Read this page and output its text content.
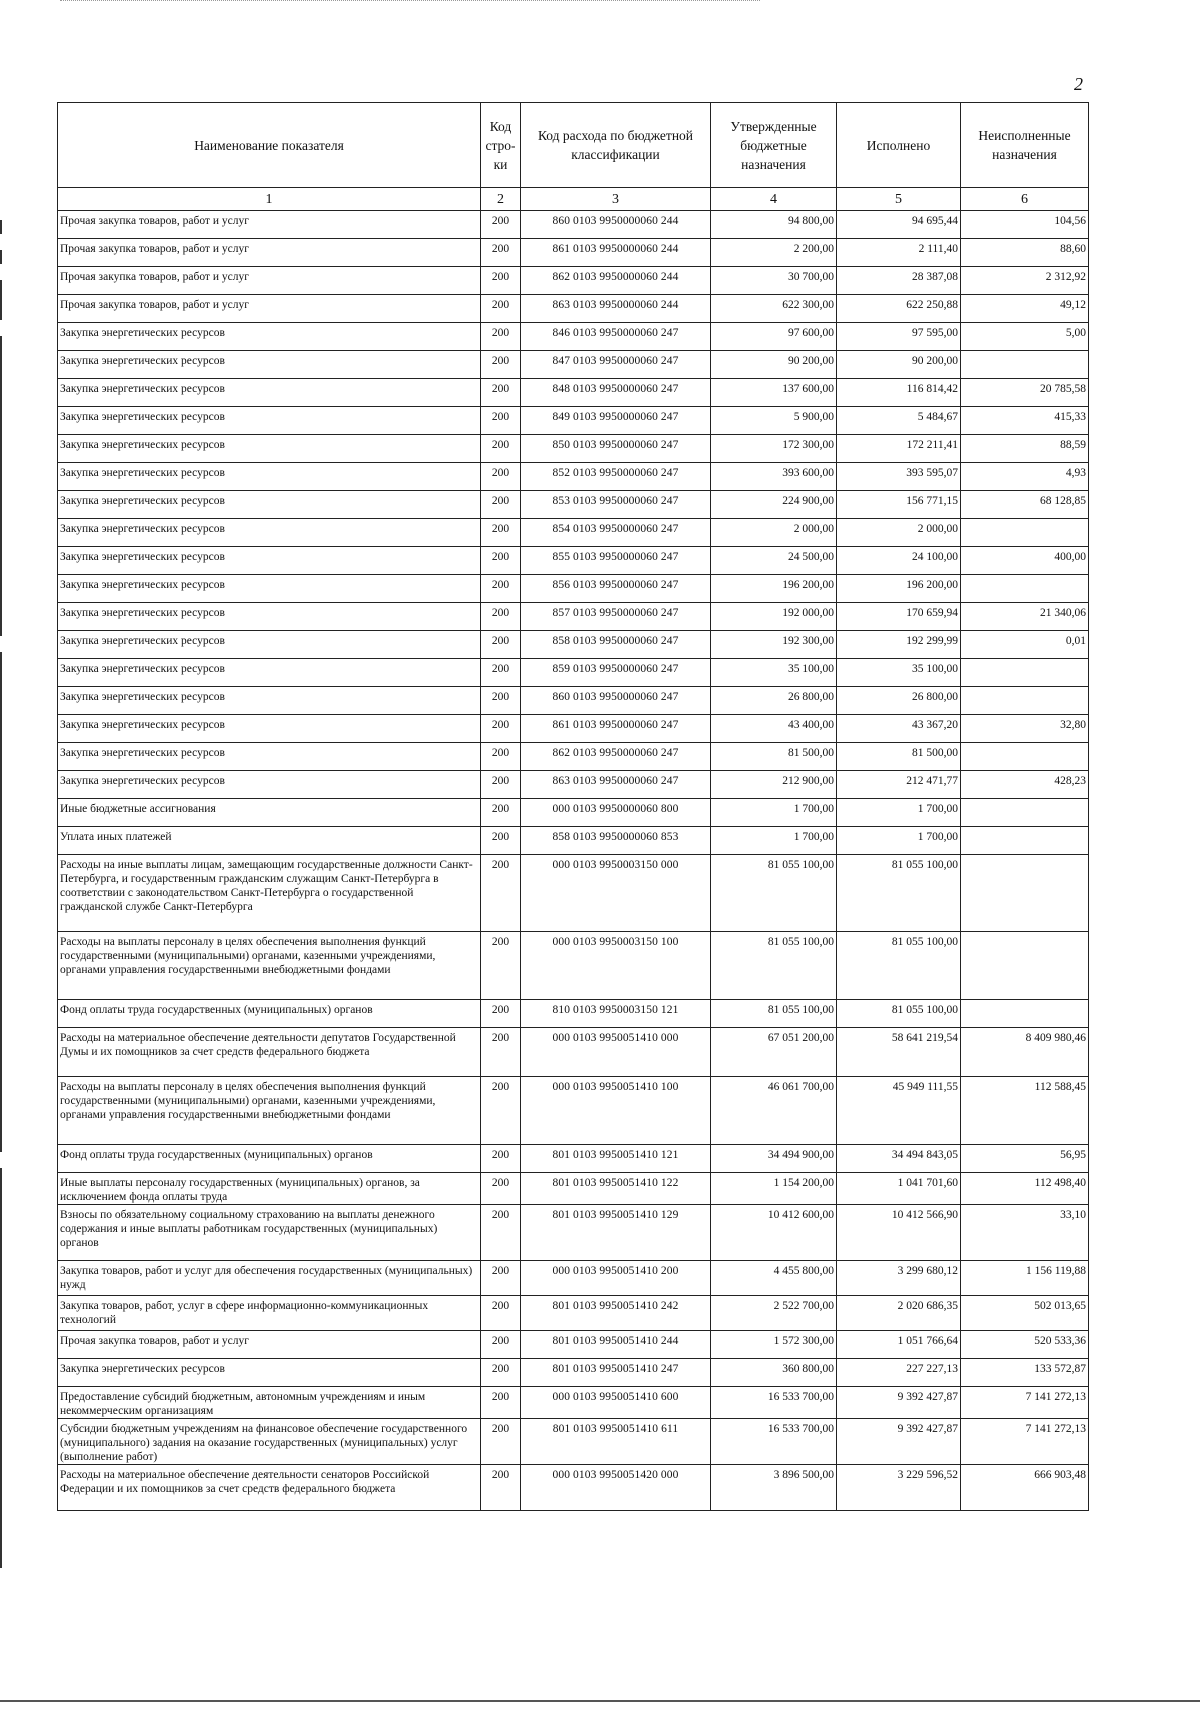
2
Наименование показателя	Код стро-ки	Код расхода по бюджетной классификации	Утвержденные бюджетные назначения	Исполнено	Неисполненные назначения
1	2	3	4	5	6
Прочая закупка товаров, работ и услуг	200	860 0103 9950000060 244	94 800,00	94 695,44	104,56
Прочая закупка товаров, работ и услуг	200	861 0103 9950000060 244	2 200,00	2 111,40	88,60
Прочая закупка товаров, работ и услуг	200	862 0103 9950000060 244	30 700,00	28 387,08	2 312,92
Прочая закупка товаров, работ и услуг	200	863 0103 9950000060 244	622 300,00	622 250,88	49,12
Закупка энергетических ресурсов	200	846 0103 9950000060 247	97 600,00	97 595,00	5,00
Закупка энергетических ресурсов	200	847 0103 9950000060 247	90 200,00	90 200,00	
Закупка энергетических ресурсов	200	848 0103 9950000060 247	137 600,00	116 814,42	20 785,58
Закупка энергетических ресурсов	200	849 0103 9950000060 247	5 900,00	5 484,67	415,33
Закупка энергетических ресурсов	200	850 0103 9950000060 247	172 300,00	172 211,41	88,59
Закупка энергетических ресурсов	200	852 0103 9950000060 247	393 600,00	393 595,07	4,93
Закупка энергетических ресурсов	200	853 0103 9950000060 247	224 900,00	156 771,15	68 128,85
Закупка энергетических ресурсов	200	854 0103 9950000060 247	2 000,00	2 000,00	
Закупка энергетических ресурсов	200	855 0103 9950000060 247	24 500,00	24 100,00	400,00
Закупка энергетических ресурсов	200	856 0103 9950000060 247	196 200,00	196 200,00	
Закупка энергетических ресурсов	200	857 0103 9950000060 247	192 000,00	170 659,94	21 340,06
Закупка энергетических ресурсов	200	858 0103 9950000060 247	192 300,00	192 299,99	0,01
Закупка энергетических ресурсов	200	859 0103 9950000060 247	35 100,00	35 100,00	
Закупка энергетических ресурсов	200	860 0103 9950000060 247	26 800,00	26 800,00	
Закупка энергетических ресурсов	200	861 0103 9950000060 247	43 400,00	43 367,20	32,80
Закупка энергетических ресурсов	200	862 0103 9950000060 247	81 500,00	81 500,00	
Закупка энергетических ресурсов	200	863 0103 9950000060 247	212 900,00	212 471,77	428,23
Иные бюджетные ассигнования	200	000 0103 9950000060 800	1 700,00	1 700,00	
Уплата иных платежей	200	858 0103 9950000060 853	1 700,00	1 700,00	
Расходы на иные выплаты лицам, замещающим государственные должности Санкт-Петербурга, и государственным гражданским служащим Санкт-Петербурга в соответствии с законодательством Санкт-Петербурга о государственной гражданской службе Санкт-Петербурга	200	000 0103 9950003150 000	81 055 100,00	81 055 100,00	
Расходы на выплаты персоналу в целях обеспечения выполнения функций государственными (муниципальными) органами, казенными учреждениями, органами управления государственными внебюджетными фондами	200	000 0103 9950003150 100	81 055 100,00	81 055 100,00	
Фонд оплаты труда государственных (муниципальных) органов	200	810 0103 9950003150 121	81 055 100,00	81 055 100,00	
Расходы на материальное обеспечение деятельности депутатов Государственной Думы и их помощников за счет средств федерального бюджета	200	000 0103 9950051410 000	67 051 200,00	58 641 219,54	8 409 980,46
Расходы на выплаты персоналу в целях обеспечения выполнения функций государственными (муниципальными) органами, казенными учреждениями, органами управления государственными внебюджетными фондами	200	000 0103 9950051410 100	46 061 700,00	45 949 111,55	112 588,45
Фонд оплаты труда государственных (муниципальных) органов	200	801 0103 9950051410 121	34 494 900,00	34 494 843,05	56,95
Иные выплаты персоналу государственных (муниципальных) органов, за исключением фонда оплаты труда	200	801 0103 9950051410 122	1 154 200,00	1 041 701,60	112 498,40
Взносы по обязательному социальному страхованию на выплаты денежного содержания и иные выплаты работникам государственных (муниципальных) органов	200	801 0103 9950051410 129	10 412 600,00	10 412 566,90	33,10
Закупка товаров, работ и услуг для обеспечения государственных (муниципальных) нужд	200	000 0103 9950051410 200	4 455 800,00	3 299 680,12	1 156 119,88
Закупка товаров, работ, услуг в сфере информационно-коммуникационных технологий	200	801 0103 9950051410 242	2 522 700,00	2 020 686,35	502 013,65
Прочая закупка товаров, работ и услуг	200	801 0103 9950051410 244	1 572 300,00	1 051 766,64	520 533,36
Закупка энергетических ресурсов	200	801 0103 9950051410 247	360 800,00	227 227,13	133 572,87
Предоставление субсидий бюджетным, автономным учреждениям и иным некоммерческим организациям	200	000 0103 9950051410 600	16 533 700,00	9 392 427,87	7 141 272,13
Субсидии бюджетным учреждениям на финансовое обеспечение государственного (муниципального) задания на оказание государственных (муниципальных) услуг (выполнение работ)	200	801 0103 9950051410 611	16 533 700,00	9 392 427,87	7 141 272,13
Расходы на материальное обеспечение деятельности сенаторов Российской Федерации и их помощников за счет средств федерального бюджета	200	000 0103 9950051420 000	3 896 500,00	3 229 596,52	666 903,48
